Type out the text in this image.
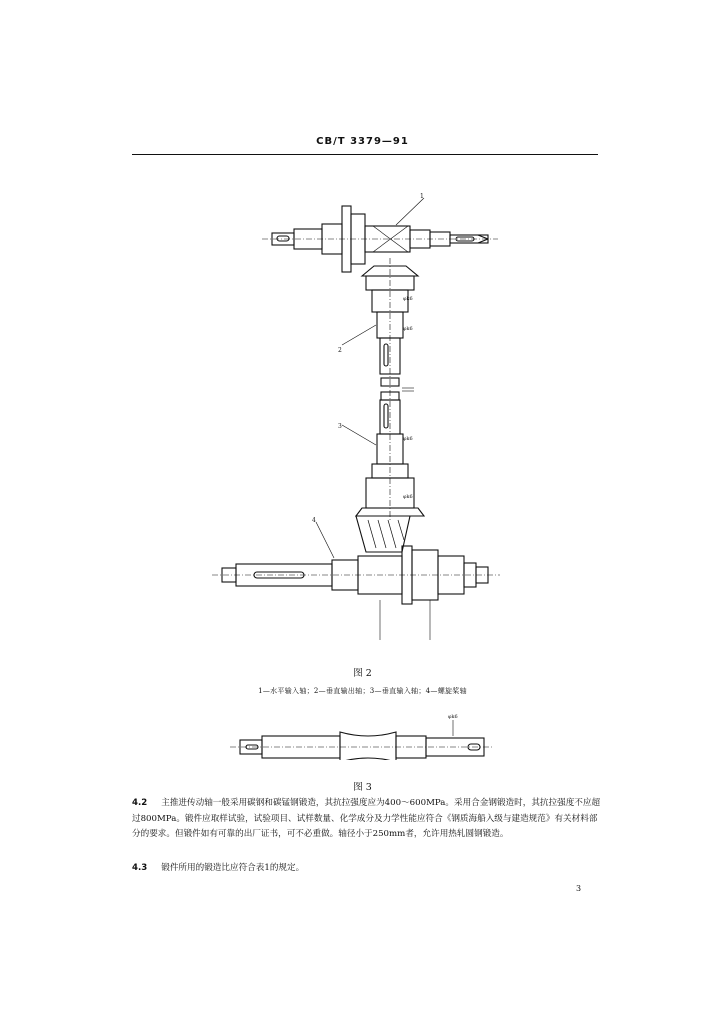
CB/T 3379—91
1
2
3
4
φk6
φk6
φk6
φk6
φk6
图 2
1—水平输入轴；2—垂直输出轴；3—垂直输入轴；4—螺旋桨轴
图 3
4.2 主推进传动轴一般采用碳钢和碳锰钢锻造，其抗拉强度应为400～600MPa。采用合金钢锻造时，其抗拉强度不应超过800MPa。锻件应取样试验，试验项目、试样数量、化学成分及力学性能应符合《钢质海船入级与建造规范》有关材料部分的要求。但锻件如有可靠的出厂证书，可不必重做。轴径小于250mm者，允许用热轧圆钢锻造。
4.3 锻件所用的锻造比应符合表1的规定。
3
